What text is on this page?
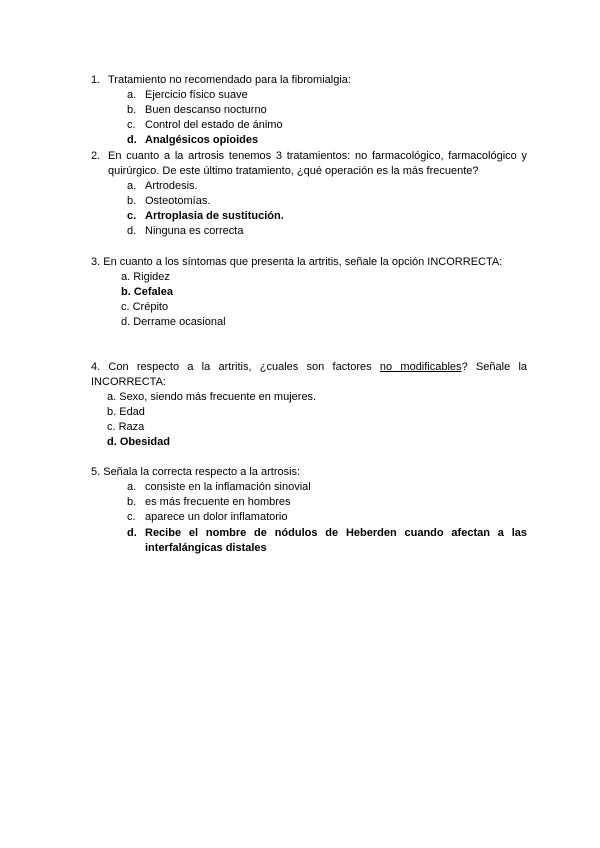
1. Tratamiento no recomendado para la fibromialgia:
a. Ejercicio físico suave
b. Buen descanso nocturno
c. Control del estado de ánimo
d. Analgésicos opioides
2. En cuanto a la artrosis tenemos 3 tratamientos: no farmacológico, farmacológico y
quirúrgico. De este último tratamiento, ¿qué operación es la más frecuente?
a. Artrodesis.
b. Osteotomías.
c. Artroplasia de sustitución.
d. Ninguna es correcta
3. En cuanto a los síntomas que presenta la artritis, señale la opción INCORRECTA:
a. Rigidez
b. Cefalea
c. Crépito
d. Derrame ocasional
4. Con respecto a la artritis, ¿cuales son factores no modificables? Señale la
INCORRECTA:
a. Sexo, siendo más frecuente en mujeres.
b. Edad
c. Raza
d. Obesidad
5. Señala la correcta respecto a la artrosis:
a. consiste en la inflamación sinovial
b. es más frecuente en hombres
c. aparece un dolor inflamatorio
d. Recibe el nombre de nódulos de Heberden cuando afectan a las
interfalángicas distales
